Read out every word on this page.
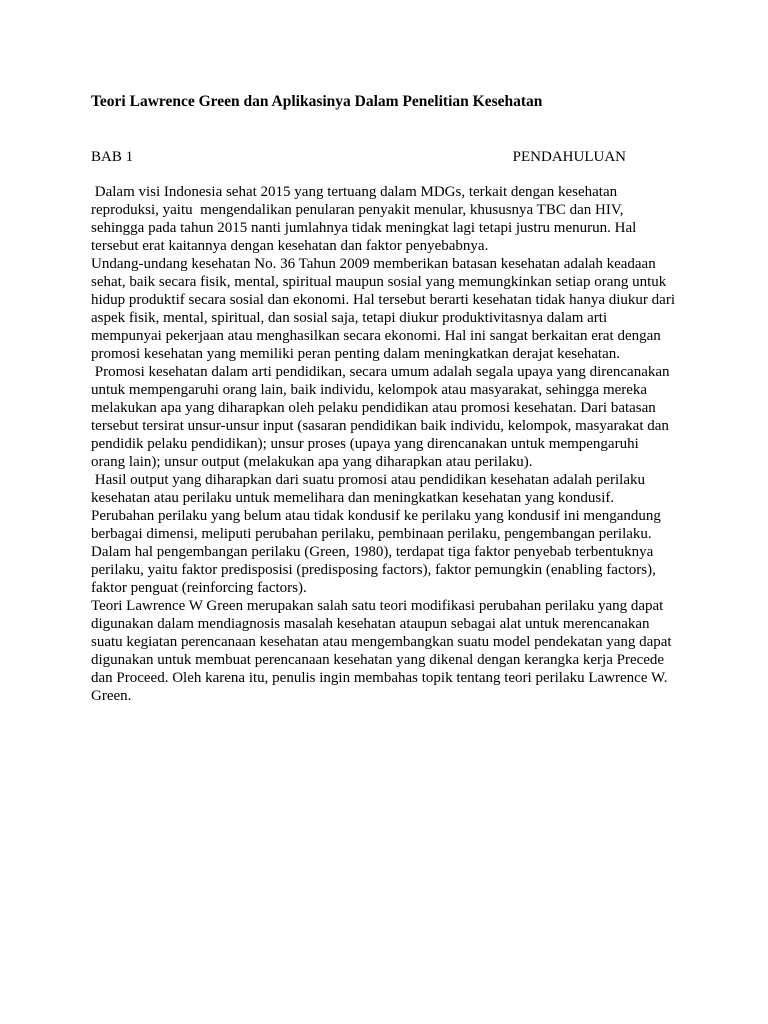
Teori Lawrence Green dan Aplikasinya Dalam Penelitian Kesehatan
BAB 1	PENDAHULUAN
Dalam visi Indonesia sehat 2015 yang tertuang dalam MDGs, terkait dengan kesehatan
reproduksi, yaitu  mengendalikan penularan penyakit menular, khususnya TBC dan HIV,
sehingga pada tahun 2015 nanti jumlahnya tidak meningkat lagi tetapi justru menurun. Hal
tersebut erat kaitannya dengan kesehatan dan faktor penyebabnya.
Undang-undang kesehatan No. 36 Tahun 2009 memberikan batasan kesehatan adalah keadaan
sehat, baik secara fisik, mental, spiritual maupun sosial yang memungkinkan setiap orang untuk
hidup produktif secara sosial dan ekonomi. Hal tersebut berarti kesehatan tidak hanya diukur dari
aspek fisik, mental, spiritual, dan sosial saja, tetapi diukur produktivitasnya dalam arti
mempunyai pekerjaan atau menghasilkan secara ekonomi. Hal ini sangat berkaitan erat dengan
promosi kesehatan yang memiliki peran penting dalam meningkatkan derajat kesehatan.
Promosi kesehatan dalam arti pendidikan, secara umum adalah segala upaya yang direncanakan
untuk mempengaruhi orang lain, baik individu, kelompok atau masyarakat, sehingga mereka
melakukan apa yang diharapkan oleh pelaku pendidikan atau promosi kesehatan. Dari batasan
tersebut tersirat unsur-unsur input (sasaran pendidikan baik individu, kelompok, masyarakat dan
pendidik pelaku pendidikan); unsur proses (upaya yang direncanakan untuk mempengaruhi
orang lain); unsur output (melakukan apa yang diharapkan atau perilaku).
Hasil output yang diharapkan dari suatu promosi atau pendidikan kesehatan adalah perilaku
kesehatan atau perilaku untuk memelihara dan meningkatkan kesehatan yang kondusif.
Perubahan perilaku yang belum atau tidak kondusif ke perilaku yang kondusif ini mengandung
berbagai dimensi, meliputi perubahan perilaku, pembinaan perilaku, pengembangan perilaku.
Dalam hal pengembangan perilaku (Green, 1980), terdapat tiga faktor penyebab terbentuknya
perilaku, yaitu faktor predisposisi (predisposing factors), faktor pemungkin (enabling factors),
faktor penguat (reinforcing factors).
Teori Lawrence W Green merupakan salah satu teori modifikasi perubahan perilaku yang dapat
digunakan dalam mendiagnosis masalah kesehatan ataupun sebagai alat untuk merencanakan
suatu kegiatan perencanaan kesehatan atau mengembangkan suatu model pendekatan yang dapat
digunakan untuk membuat perencanaan kesehatan yang dikenal dengan kerangka kerja Precede
dan Proceed. Oleh karena itu, penulis ingin membahas topik tentang teori perilaku Lawrence W.
Green.
